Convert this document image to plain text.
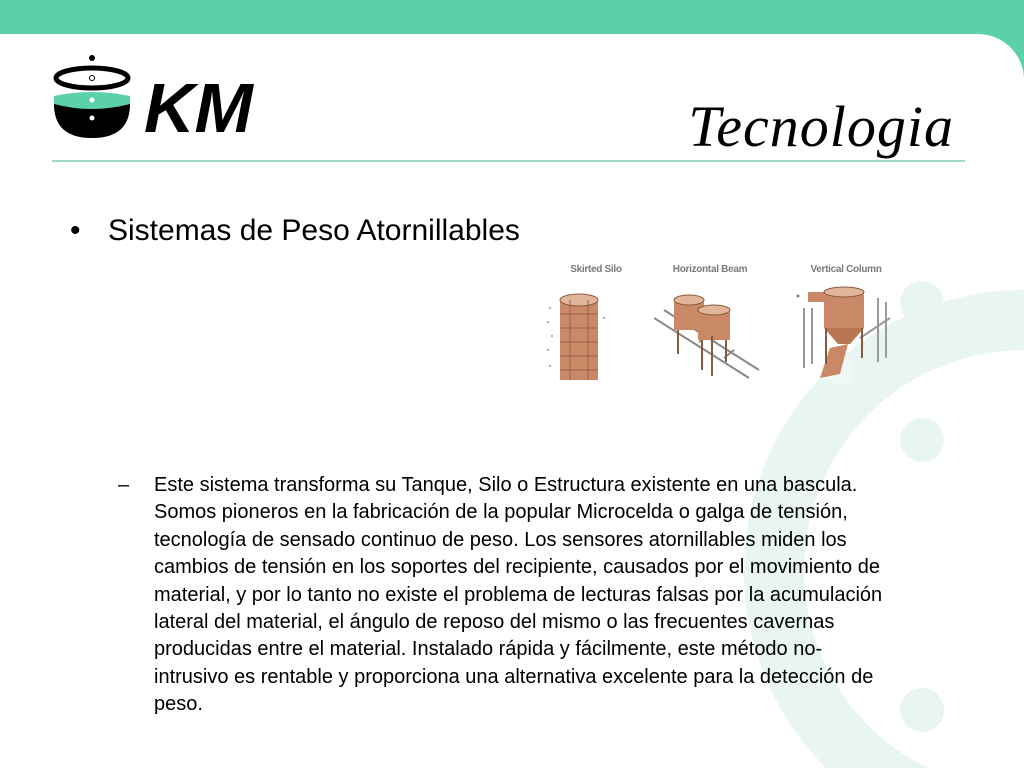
KM	Tecnologia

• Sistemas de Peso Atornillables

Skirted Silo	Horizontal Beam	Vertical Column
– Este sistema transforma su Tanque, Silo o Estructura existente en una bascula. Somos pioneros en la fabricación de la popular Microcelda o galga de tensión, tecnología de sensado continuo de peso. Los sensores atornillables miden los cambios de tensión en los soportes del recipiente, causados por el movimiento de material, y por lo tanto no existe el problema de lecturas falsas por la acumulación lateral del material, el ángulo de reposo del mismo o las frecuentes cavernas producidas entre el material. Instalado rápida y fácilmente, este método no-intrusivo es rentable y proporciona una alternativa excelente para la detección de peso.
